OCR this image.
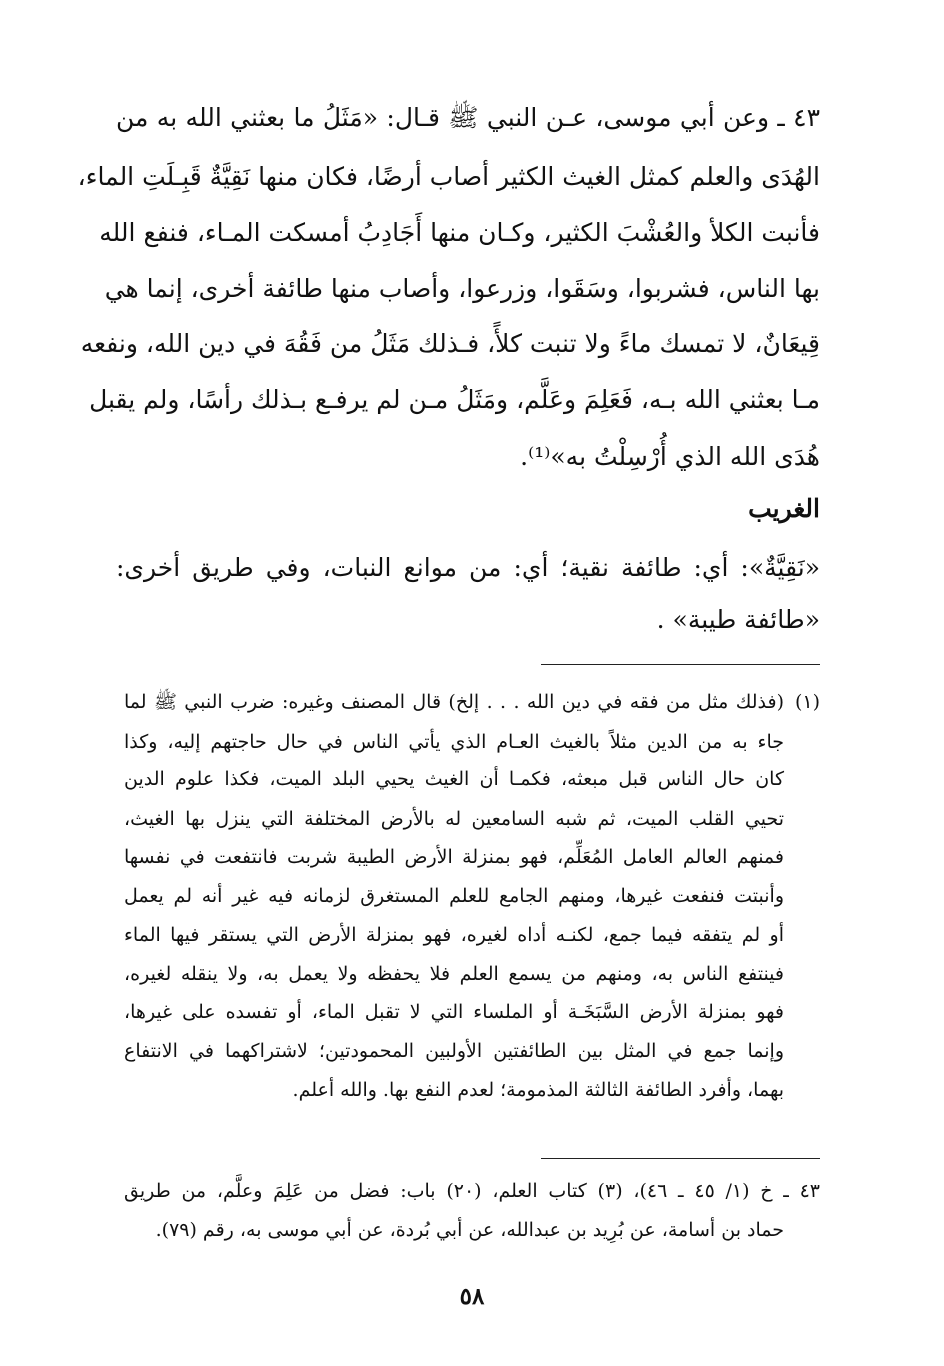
٤٣ ـ وعن أبي موسى، عـن النبي ﷺ قـال: «مَثَلُ ما بعثني الله به من
الهُدَى والعلم كمثل الغيث الكثير أصاب أرضًا، فكان منها نَقِيَّةٌ قَبِـلَتِ الماء،
فأنبت الكلأ والعُشْبَ الكثير، وكـان منها أَجَادِبُ أمسكت المـاء، فنفع الله
بها الناس، فشربوا، وسَقَوا، وزرعوا، وأصاب منها طائفة أخرى، إنما هي
قِيعَانٌ، لا تمسك ماءً ولا تنبت كلأً، فـذلك مَثَلُ من فَقُهَ في دين الله، ونفعه
مـا بعثني الله بـه، فَعَلِمَ وعَلَّم، ومَثَلُ مـن لم يرفـع بـذلك رأسًا، ولم يقبل
هُدَى الله الذي أُرْسِلْتُ به»⁽¹⁾.
الغريب
«نَقِيَّةٌ»: أي: طائفة نقية؛ أي: من موانع النبات، وفي طريق أخرى:
«طائفة طيبة» .
(١)
(فذلك مثل من فقه في دين الله . . . إلخ) قال المصنف وغيره: ضرب النبي ﷺ لما
جاء به من الدين مثلاً بالغيث العـام الذي يأتي الناس في حال حاجتهم إليه، وكذا
كان حال الناس قبل مبعثه، فكمـا أن الغيث يحيي البلد الميت، فكذا علوم الدين
تحيي القلب الميت، ثم شبه السامعين له بالأرض المختلفة التي ينزل بها الغيث،
فمنهم العالم العامل المُعَلِّم، فهو بمنزلة الأرض الطيبة شربت فانتفعت في نفسها
وأنبتت فنفعت غيرها، ومنهم الجامع للعلم المستغرق لزمانه فيه غير أنه لم يعمل
أو لم يتفقه فيما جمع، لكنـه أداه لغيره، فهو بمنزلة الأرض التي يستقر فيها الماء
فينتفع الناس به، ومنهم من يسمع العلم فلا يحفظه ولا يعمل به، ولا ينقله لغيره،
فهو بمنزلة الأرض السَّبَخَـة أو الملساء التي لا تقبل الماء، أو تفسده على غيرها،
وإنما جمع في المثل بين الطائفتين الأولبين المحمودتين؛ لاشتراكهما في الانتفاع
بهما، وأفرد الطائفة الثالثة المذمومة؛ لعدم النفع بها. والله أعلم.
٤٣ ـ خ (١/ ٤٥ ـ ٤٦)، (٣) كتاب العلم، (٢٠) باب: فضل من عَلِمَ وعلَّم، من طريق
حماد بن أسامة، عن بُرِيد بن عبدالله، عن أبي بُردة، عن أبي موسى به، رقم (٧٩).
٥٨
